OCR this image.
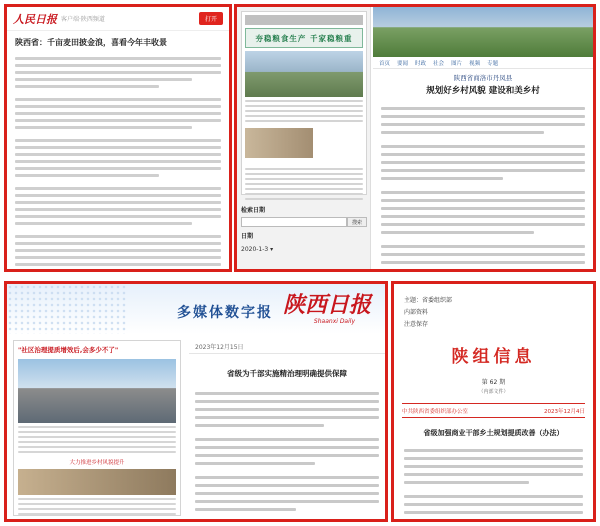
人民日报 客户端·陕西频道	打开
陕西省：千亩麦田披金浪，喜看今年丰收景	夯稳粮食生产 千家稳粮重
检索日期
搜索
日期
2020-1-3 ▾
首页 要闻 时政 社会 图片 视频 专题
陕西省商洛市丹凤县
规划好乡村风貌 建设和美乡村
多媒体数字报 陕西日报
Shaanxi Daily
"社区治理提质增效后,会多少不了"
大力推进乡村风貌提升
2023年12月15日
省级为千部实施精治理明确提供保障
主题：省委组织部
内部资料
注意保存
陕组信息
第 62 期
（内部文件）
中共陕西省委组织部办公室	2023年12月4日
省级加强商业干部乡土规划提质改善（办法）
